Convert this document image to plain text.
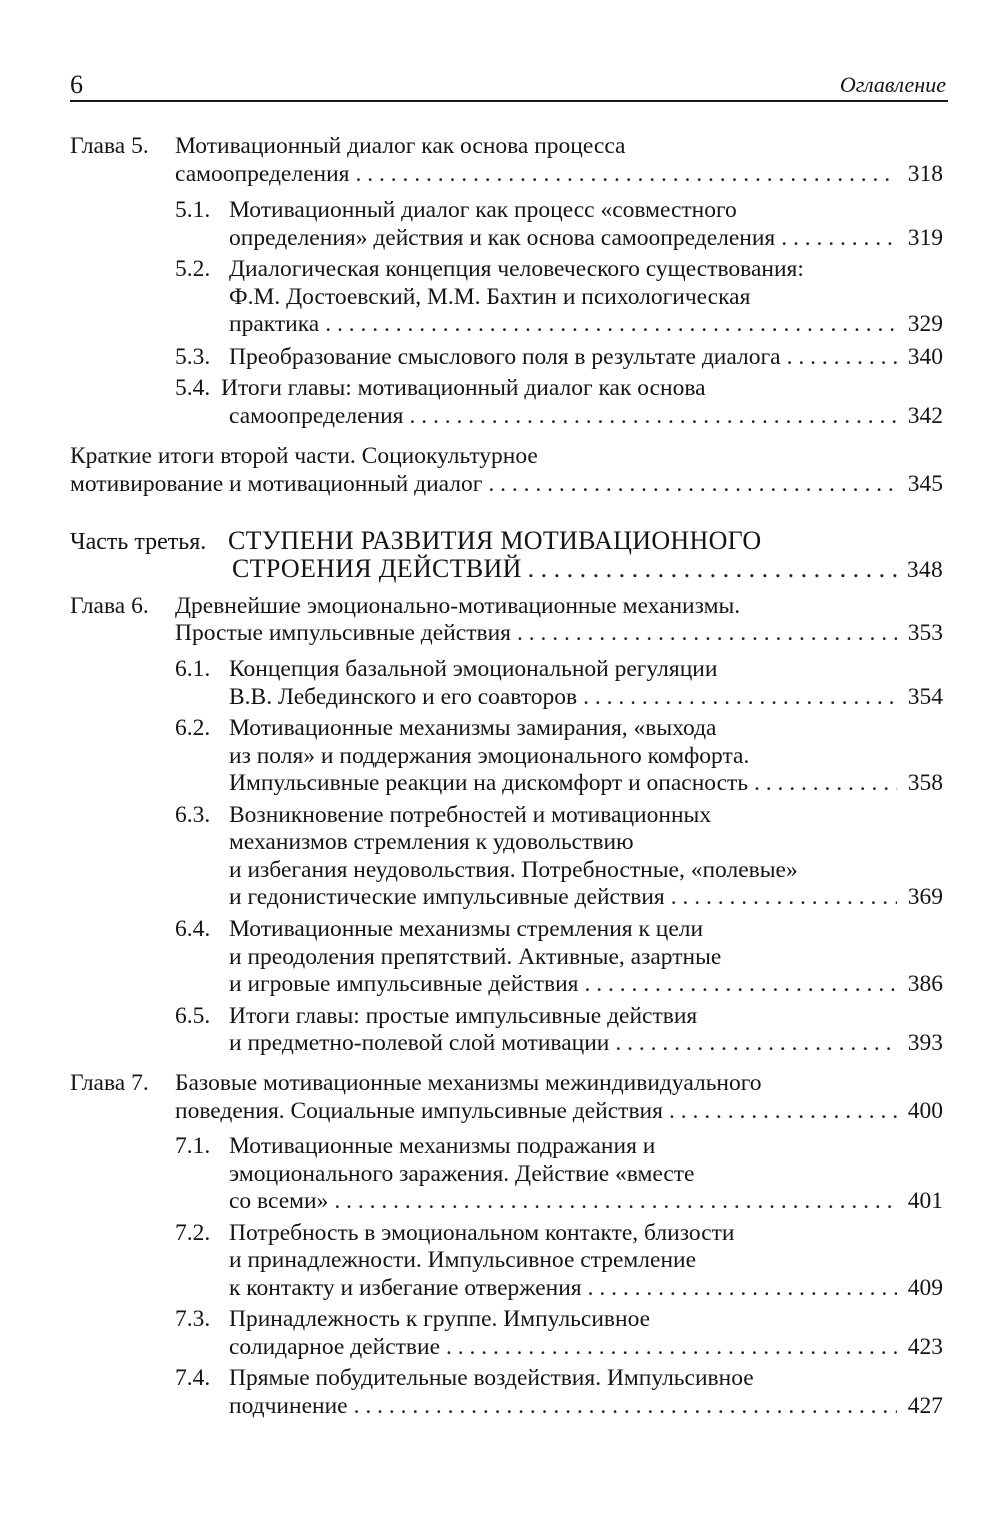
6	Оглавление
Глава 5. Мотивационный диалог как основа процесса
самоопределения . . .	318
5.1. Мотивационный диалог как процесс «совместного
определения» действия и как основа самоопределения . . .	319
5.2. Диалогическая концепция человеческого существования:
Ф.М. Достоевский, М.М. Бахтин и психологическая
практика . . .	329
5.3. Преобразование смыслового поля в результате диалога . . .	340
5.4. Итоги главы: мотивационный диалог как основа
самоопределения . . .	342
Краткие итоги второй части. Социокультурное
мотивирование и мотивационный диалог . . .	345
Часть третья. СТУПЕНИ РАЗВИТИЯ МОТИВАЦИОННОГО
СТРОЕНИЯ ДЕЙСТВИЙ . . .	348
Глава 6. Древнейшие эмоционально-мотивационные механизмы.
Простые импульсивные действия . . .	353
6.1. Концепция базальной эмоциональной регуляции
В.В. Лебединского и его соавторов . . .	354
6.2. Мотивационные механизмы замирания, «выхода
из поля» и поддержания эмоционального комфорта.
Импульсивные реакции на дискомфорт и опасность . . .	358
6.3. Возникновение потребностей и мотивационных
механизмов стремления к удовольствию
и избегания неудовольствия. Потребностные, «полевые»
и гедонистические импульсивные действия . . .	369
6.4. Мотивационные механизмы стремления к цели
и преодоления препятствий. Активные, азартные
и игровые импульсивные действия . . .	386
6.5. Итоги главы: простые импульсивные действия
и предметно-полевой слой мотивации . . .	393
Глава 7. Базовые мотивационные механизмы межиндивидуального
поведения. Социальные импульсивные действия . . .	400
7.1. Мотивационные механизмы подражания и
эмоционального заражения. Действие «вместе
со всеми» . . .	401
7.2. Потребность в эмоциональном контакте, близости
и принадлежности. Импульсивное стремление
к контакту и избегание отвержения . . .	409
7.3. Принадлежность к группе. Импульсивное
солидарное действие . . .	423
7.4. Прямые побудительные воздействия. Импульсивное
подчинение . . .	427
